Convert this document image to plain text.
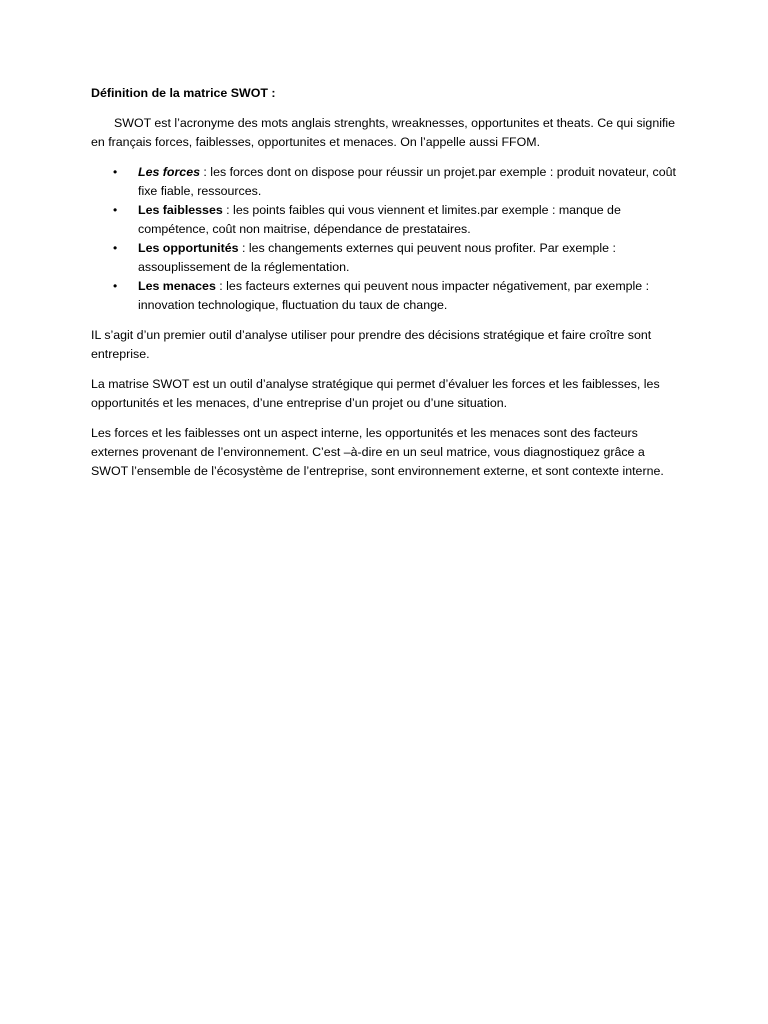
Définition de la matrice SWOT :

SWOT est l’acronyme des mots anglais strenghts, wreaknesses, opportunites et theats. Ce qui signifie en français forces, faiblesses, opportunites et menaces. On l’appelle aussi FFOM.

• Les forces : les forces dont on dispose pour réussir un projet.par exemple : produit novateur, coût fixe fiable, ressources.
• Les faiblesses : les points faibles qui vous viennent et limites.par exemple : manque de compétence, coût non maitrise, dépendance de prestataires.
• Les opportunités : les changements externes qui peuvent nous profiter. Par exemple : assouplissement de la réglementation.
• Les menaces : les facteurs externes qui peuvent nous impacter négativement, par exemple : innovation technologique, fluctuation du taux de change.

IL s’agit d’un premier outil d’analyse utiliser pour prendre des décisions stratégique et faire croître sont entreprise.

La matrise SWOT est un outil d’analyse stratégique qui permet d’évaluer les forces et les faiblesses, les opportunités et les menaces, d’une entreprise d’un projet ou d’une situation.

Les forces et les faiblesses ont un aspect interne, les opportunités et les menaces sont des facteurs externes provenant de l’environnement. C’est –à-dire en un seul matrice, vous diagnostiquez grâce a SWOT l’ensemble de l’écosystème de l’entreprise, sont environnement externe, et sont contexte interne.
